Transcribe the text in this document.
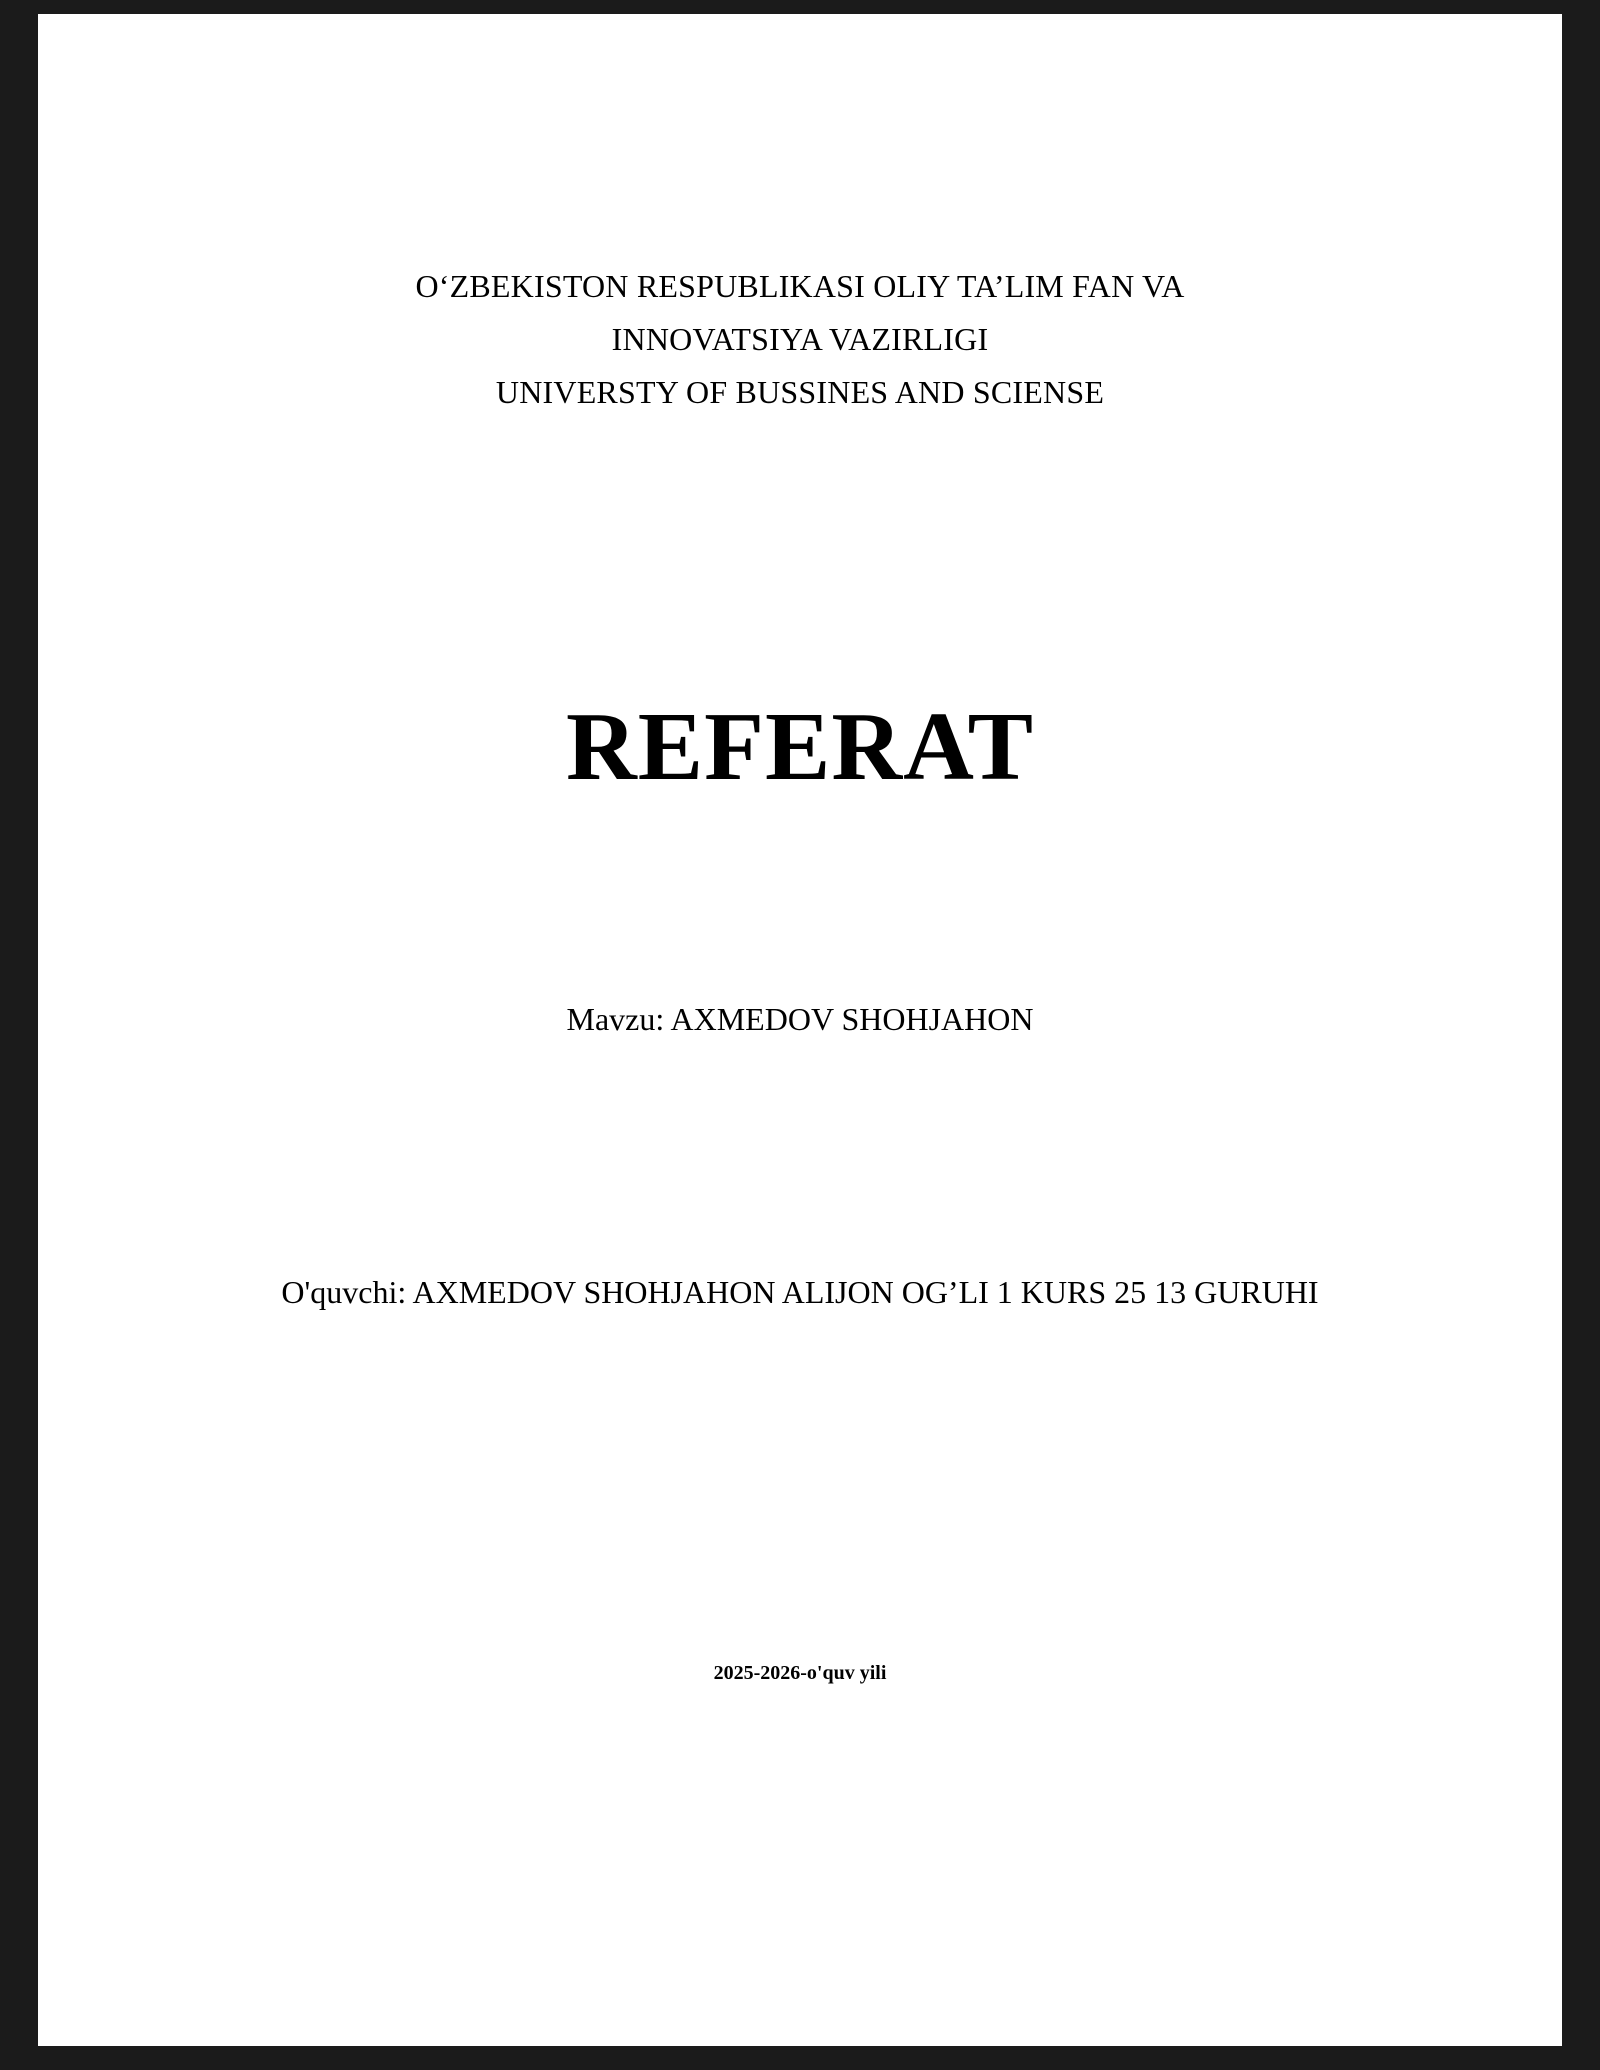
O‘ZBEKISTON RESPUBLIKASI OLIY TA’LIM FAN VA
INNOVATSIYA VAZIRLIGI
UNIVERSTY OF BUSSINES AND SCIENSE
REFERAT
Mavzu: AXMEDOV SHOHJAHON
O'quvchi: AXMEDOV SHOHJAHON ALIJON OG’LI 1 KURS 25 13 GURUHI
2025-2026-o'quv yili
